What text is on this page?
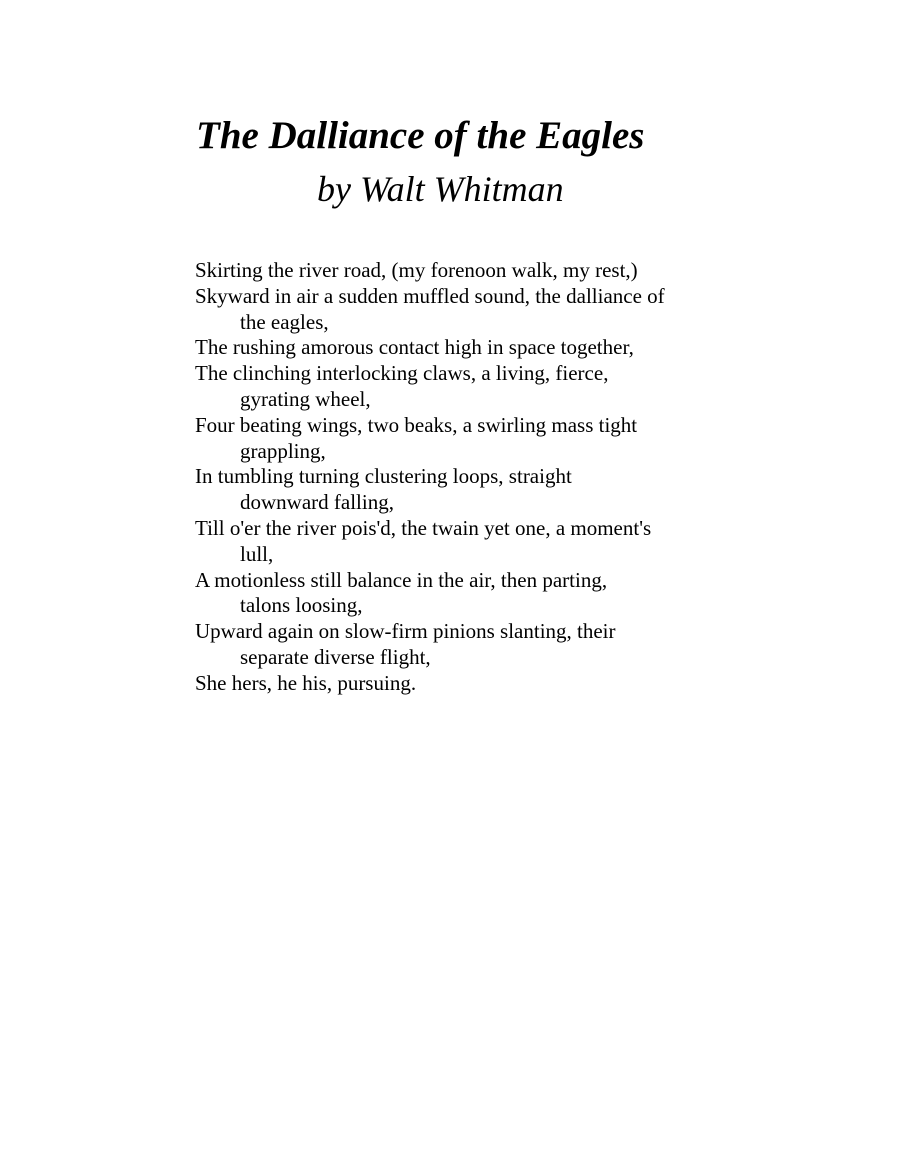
The Dalliance of the Eagles
by Walt Whitman
Skirting the river road, (my forenoon walk, my rest,)
Skyward in air a sudden muffled sound, the dalliance of
the eagles,
The rushing amorous contact high in space together,
The clinching interlocking claws, a living, fierce,
gyrating wheel,
Four beating wings, two beaks, a swirling mass tight
grappling,
In tumbling turning clustering loops, straight
downward falling,
Till o'er the river pois'd, the twain yet one, a moment's
lull,
A motionless still balance in the air, then parting,
talons loosing,
Upward again on slow-firm pinions slanting, their
separate diverse flight,
She hers, he his, pursuing.
